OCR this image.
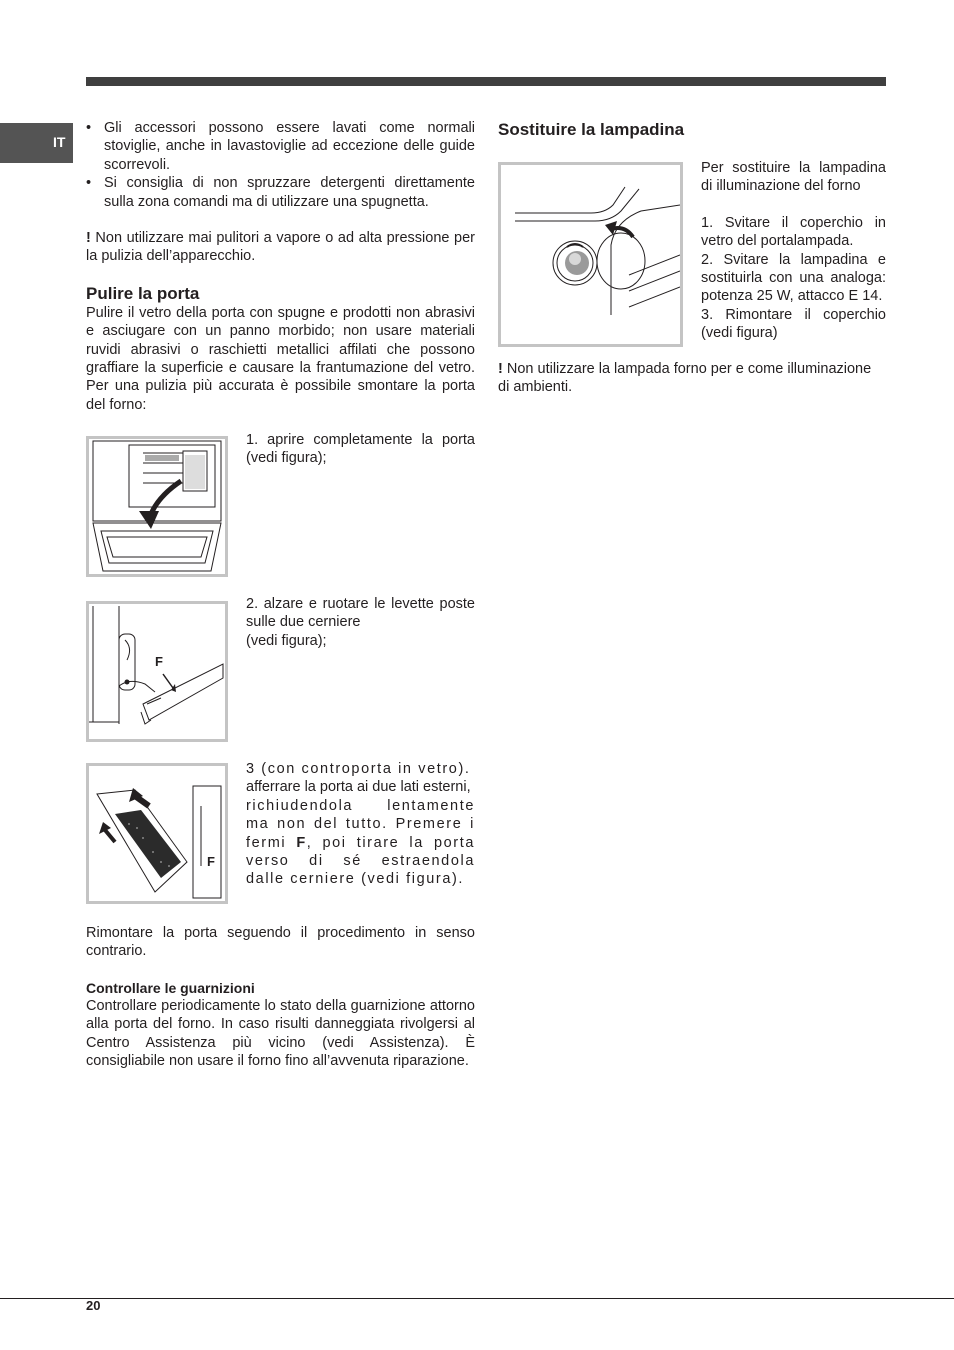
IT
• Gli accessori possono essere lavati come normali stoviglie, anche in lavastoviglie ad eccezione delle guide scorrevoli.
• Si consiglia di non spruzzare detergenti direttamente sulla zona comandi ma di utilizzare una spugnetta.

! Non utilizzare mai pulitori a vapore o ad alta pressione per la pulizia dell’apparecchio.

Pulire la porta

Pulire il vetro della porta con spugne e prodotti non abrasivi e asciugare con un panno morbido; non usare materiali ruvidi abrasivi o raschietti metallici affilati che possono graffiare la superficie e causare la frantumazione del vetro. Per una pulizia più accurata è possibile smontare la porta del forno:

1. aprire completamente la porta (vedi figura);
F

2. alzare e ruotare le levette poste sulle due cerniere

(vedi figura);

F

3 (con controporta in vetro).

afferrare la porta ai due lati esterni,

richiudendola lentamente ma non del tutto. Premere i fermi F, poi tirare la porta verso di sé estraendola dalle cerniere (vedi figura).

Rimontare la porta seguendo il procedimento in senso contrario.

Controllare le guarnizioni

Controllare periodicamente lo stato della guarnizione attorno alla porta del forno. In caso risulti danneggiata rivolgersi al Centro Assistenza più vicino (vedi Assistenza). È consigliabile non usare il forno fino all’avvenuta riparazione.

Sostituire la lampadina

Per sostituire la lampadina di illuminazione del forno

1. Svitare il coperchio in vetro del portalampada.

2. Svitare la lampadina e sostituirla con una analoga: potenza 25 W, attacco E 14.

3. Rimontare il coperchio (vedi figura)

! Non utilizzare la lampada forno per e come illuminazione di ambienti.

20
